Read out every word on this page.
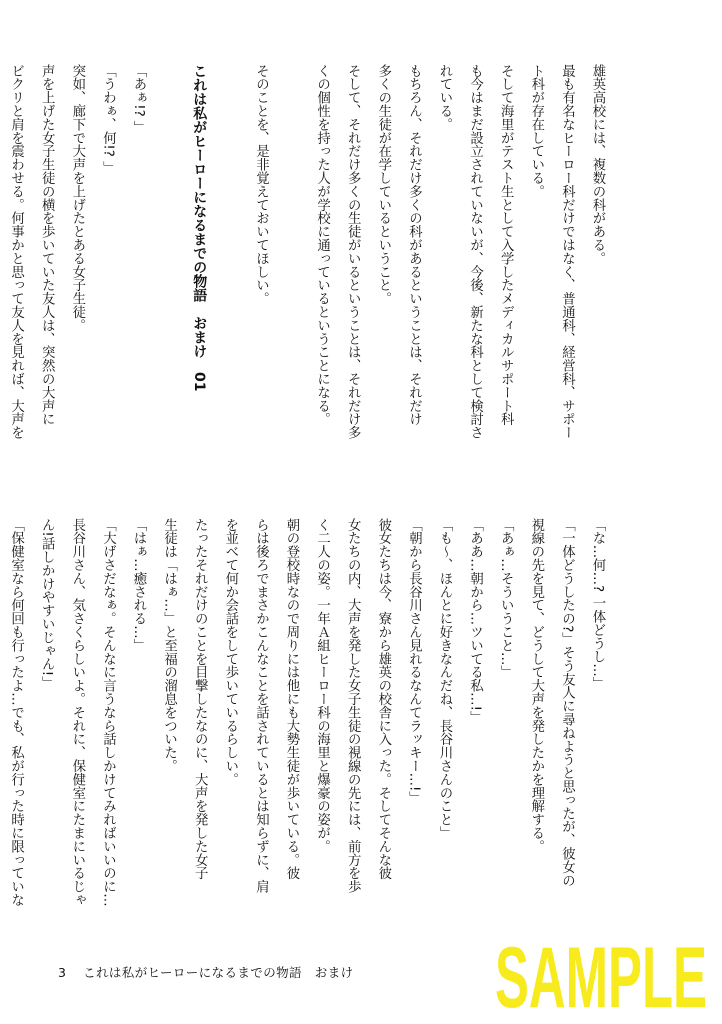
雄英高校には、複数の科がある。
最も有名なヒーロー科だけではなく、普通科、経営科、サポー
ト科が存在している。
そして海里がテスト生として入学したメディカルサポート科
も今はまだ設立されていないが、今後、新たな科として検討さ
れている。
もちろん、それだけ多くの科があるということは、それだけ
多くの生徒が在学しているということ。
そして、それだけ多くの生徒がいるということは、それだけ多
くの個性を持った人が学校に通っているということになる。
そのことを、是非覚えておいてほしい。
これは私がヒーローになるまでの物語　おまけ　01
「あぁ!? 」
「うわぁ、何!? 」
突如、廊下で大声を上げたとある女子生徒。
声を上げた女子生徒の横を歩いていた友人は、突然の大声に
ビクリと肩を震わせる。何事かと思って友人を見れば、大声を
「な…何…? 一体どうし…」
「一体どうしたの?」そう友人に尋ねようと思ったが、彼女の
視線の先を見て、どうして大声を発したかを理解する。
「あぁ…そういうこと…」
「ああ…朝から…ツいてる私…!」
「も～、ほんとに好きなんだね、長谷川さんのこと」
「朝から長谷川さん見れるなんてラッキー…!」
彼女たちは今、寮から雄英の校舎に入った。そしてそんな彼
女たちの内、大声を発した女子生徒の視線の先には、前方を歩
く二人の姿。一年Ａ組ヒーロー科の海里と爆豪の姿が。
朝の登校時なので周りには他にも大勢生徒が歩いている。彼
らは後ろでまさかこんなことを話されているとは知らずに、肩
を並べて何か会話をして歩いているらしい。
たったそれだけのことを目撃したなのに、大声を発した女子
生徒は「はぁ…」と至福の溜息をついた。
「はぁ…癒される…」
「大げさだなぁ。そんなに言うなら話しかけてみればいいのに…
長谷川さん、気さくらしいよ。それに、保健室にたまにいるじゃ
ん!話しかけやすいじゃん!」
「保健室なら何回も行ったよ…でも、私が行った時に限っていな
3 これは私がヒーローになるまでの物語　おまけ SAMPLE
